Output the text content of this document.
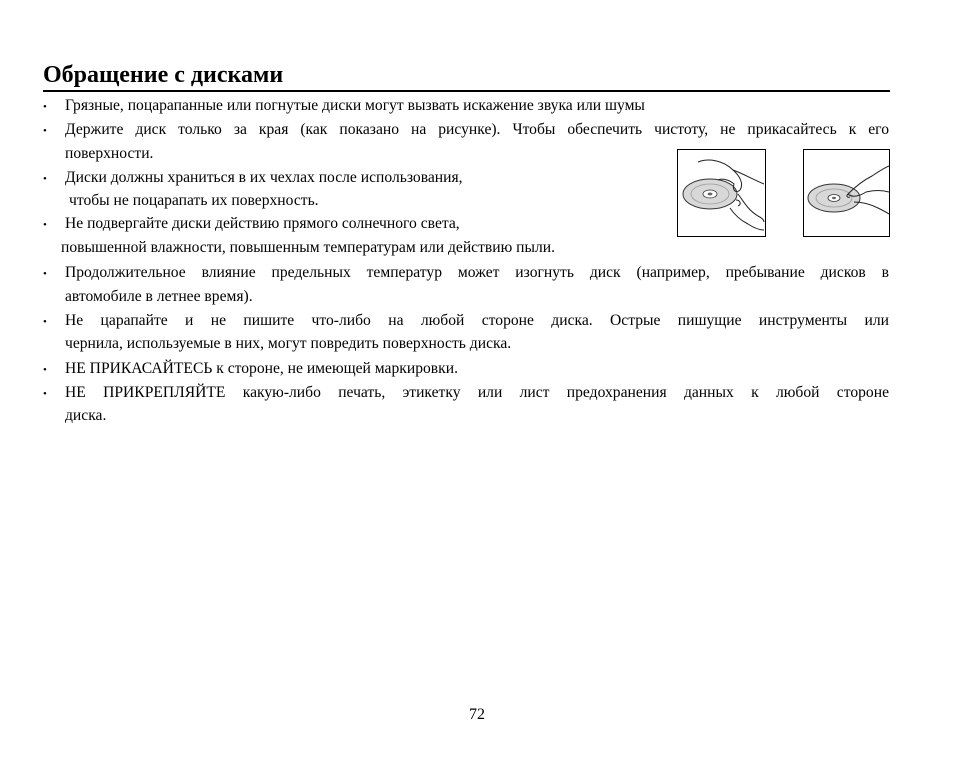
Обращение с дисками
•
•
•
•
•
•
•
•
Грязные, поцарапанные или погнутые диски могут вызвать искажение звука или шумы
Держите диск только за края (как показано на рисунке). Чтобы обеспечить чистоту, не прикасайтесь к его
поверхности.
Диски должны храниться в их чехлах после использования,
чтобы не поцарапать их поверхность.
Не подвергайте диски действию прямого солнечного света,
повышенной влажности, повышенным температурам или действию пыли.
Продолжительное влияние предельных температур может изогнуть диск (например, пребывание дисков в
автомобиле в летнее время).
Не царапайте и не пишите что-либо на любой стороне диска. Острые пишущие инструменты или
чернила, используемые в них, могут повредить поверхность диска.
НЕ ПРИКАСАЙТЕСЬ к стороне, не имеющей маркировки.
НЕ ПРИКРЕПЛЯЙТЕ какую-либо печать, этикетку или лист предохранения данных к любой стороне
диска.
72
